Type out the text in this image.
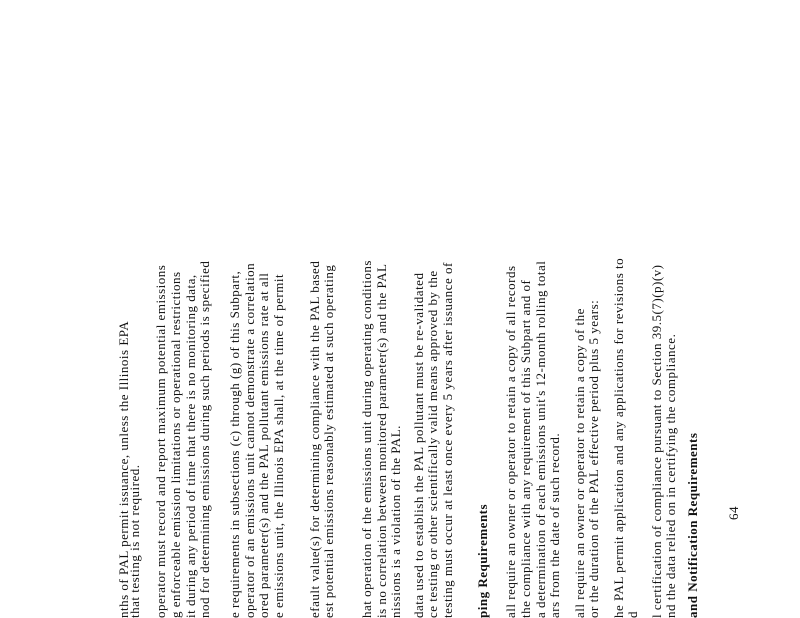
nths of PAL permit issuance, unless the Illinois EPA
that testing is not required. operator must record and report maximum potential emissions g enforceable emission limitations or operational restrictions it during any period of time that there is no monitoring data, nod for determining emissions during such periods is specified e requirements in subsections (c) through (g) of this Subpart, operator of an emissions unit cannot demonstrate a correlation ored parameter(s) and the PAL pollutant emissions rate at all e emissions unit, the Illinois EPA shall, at the time of permit efault value(s) for determining compliance with the PAL based est potential emissions reasonably estimated at such operating hat operation of the emissions unit during operating conditions is no correlation between monitored parameter(s) and the PAL nissions is a violation of the PAL. data used to establish the PAL pollutant must be re-validated ce testing or other scientifically valid means approved by the testing must occur at least once every 5 years after issuance of ping Requirements all require an owner or operator to retain a copy of all records the compliance with any requirement of this Subpart and of a determination of each emissions unit's 12-month rolling total ars from the date of such record. all require an owner or operator to retain a copy of the or the duration of the PAL effective period plus 5 years: he PAL permit application and any applications for revisions to d l certification of compliance pursuant to Section 39.5(7)(p)(v) nd the data relied on in certifying the compliance. and Notification Requirements 64
